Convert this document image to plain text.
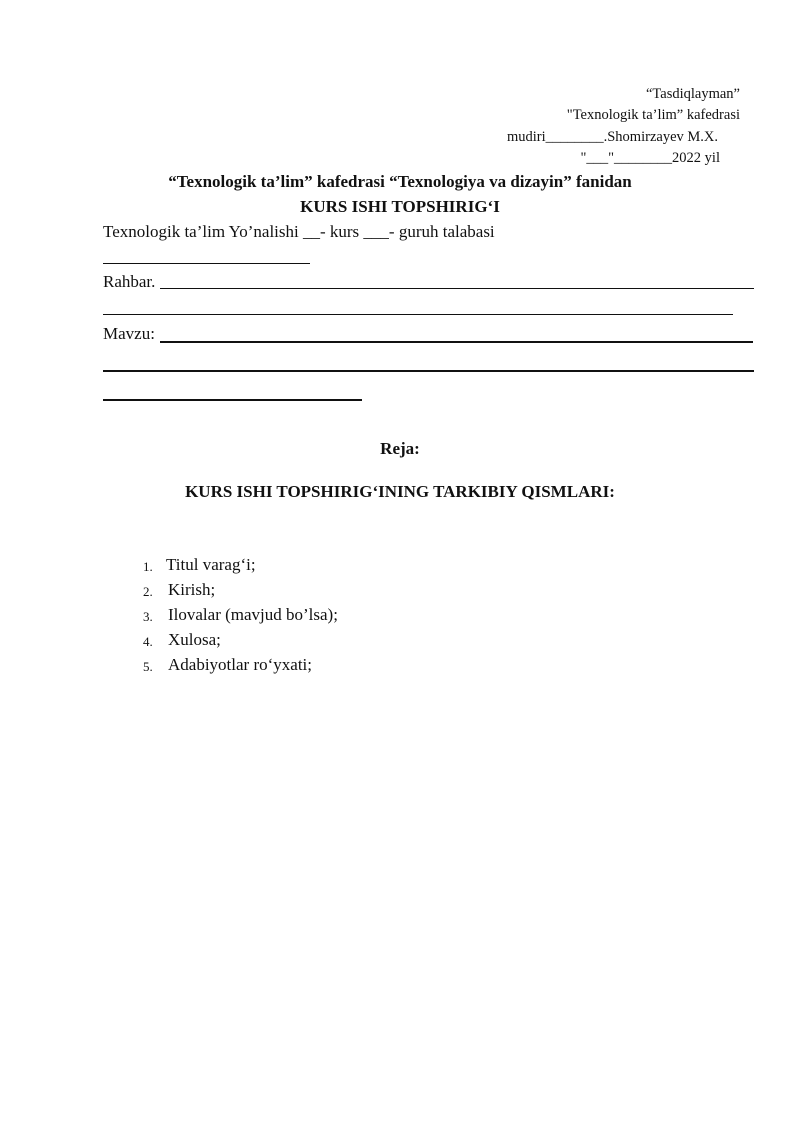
“Tasdiqlayman”
"Texnologik ta’lim” kafedrasi
mudiri________.Shomirzayev M.X.
"___"________2022 yil
“Texnologik ta’lim” kafedrasi “Texnologiya va dizayin” fanidan
KURS ISHI TOPSHIRIG‘I
Texnologik ta’lim Yo’nalishi __- kurs ___- guruh talabasi
Rahbar.
Mavzu:
Reja:
KURS ISHI TOPSHIRIG‘INING TARKIBIY QISMLARI:
1. Titul varag‘i;
2. Kirish;
3. Ilovalar (mavjud bo’lsa);
4. Xulosa;
5. Adabiyotlar ro‘yxati;
